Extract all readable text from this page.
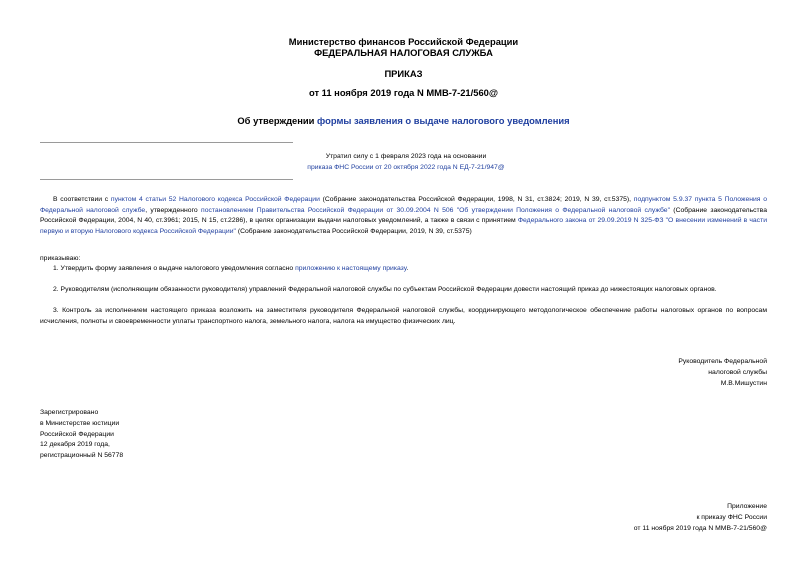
Министерство финансов Российской Федерации
ФЕДЕРАЛЬНАЯ НАЛОГОВАЯ СЛУЖБА
ПРИКАЗ
от 11 ноября 2019 года N ММВ-7-21/560@
Об утверждении формы заявления о выдаче налогового уведомления
Утратил силу с 1 февраля 2023 года на основании
приказа ФНС России от 20 октября 2022 года N ЕД-7-21/947@
В соответствии с пунктом 4 статьи 52 Налогового кодекса Российской Федерации (Собрание законодательства Российской Федерации, 1998, N 31, ст.3824; 2019, N 39, ст.5375), подпунктом 5.9.37 пункта 5 Положения о Федеральной налоговой службе, утвержденного постановлением Правительства Российской Федерации от 30.09.2004 N 506 "Об утверждении Положения о Федеральной налоговой службе" (Собрание законодательства Российской Федерации, 2004, N 40, ст.3961; 2015, N 15, ст.2286), в целях организации выдачи налоговых уведомлений, а также в связи с принятием Федерального закона от 29.09.2019 N 325-ФЗ "О внесении изменений в части первую и вторую Налогового кодекса Российской Федерации" (Собрание законодательства Российской Федерации, 2019, N 39, ст.5375)
приказываю:
1. Утвердить форму заявления о выдаче налогового уведомления согласно приложению к настоящему приказу.
2. Руководителям (исполняющим обязанности руководителя) управлений Федеральной налоговой службы по субъектам Российской Федерации довести настоящий приказ до нижестоящих налоговых органов.
3. Контроль за исполнением настоящего приказа возложить на заместителя руководителя Федеральной налоговой службы, координирующего методологическое обеспечение работы налоговых органов по вопросам исчисления, полноты и своевременности уплаты транспортного налога, земельного налога, налога на имущество физических лиц.
Руководитель Федеральной
налоговой службы
М.В.Мишустин
Зарегистрировано
в Министерстве юстиции
Российской Федерации
12 декабря 2019 года,
регистрационный N 56778
Приложение
к приказу ФНС России
от 11 ноября 2019 года N ММВ-7-21/560@
